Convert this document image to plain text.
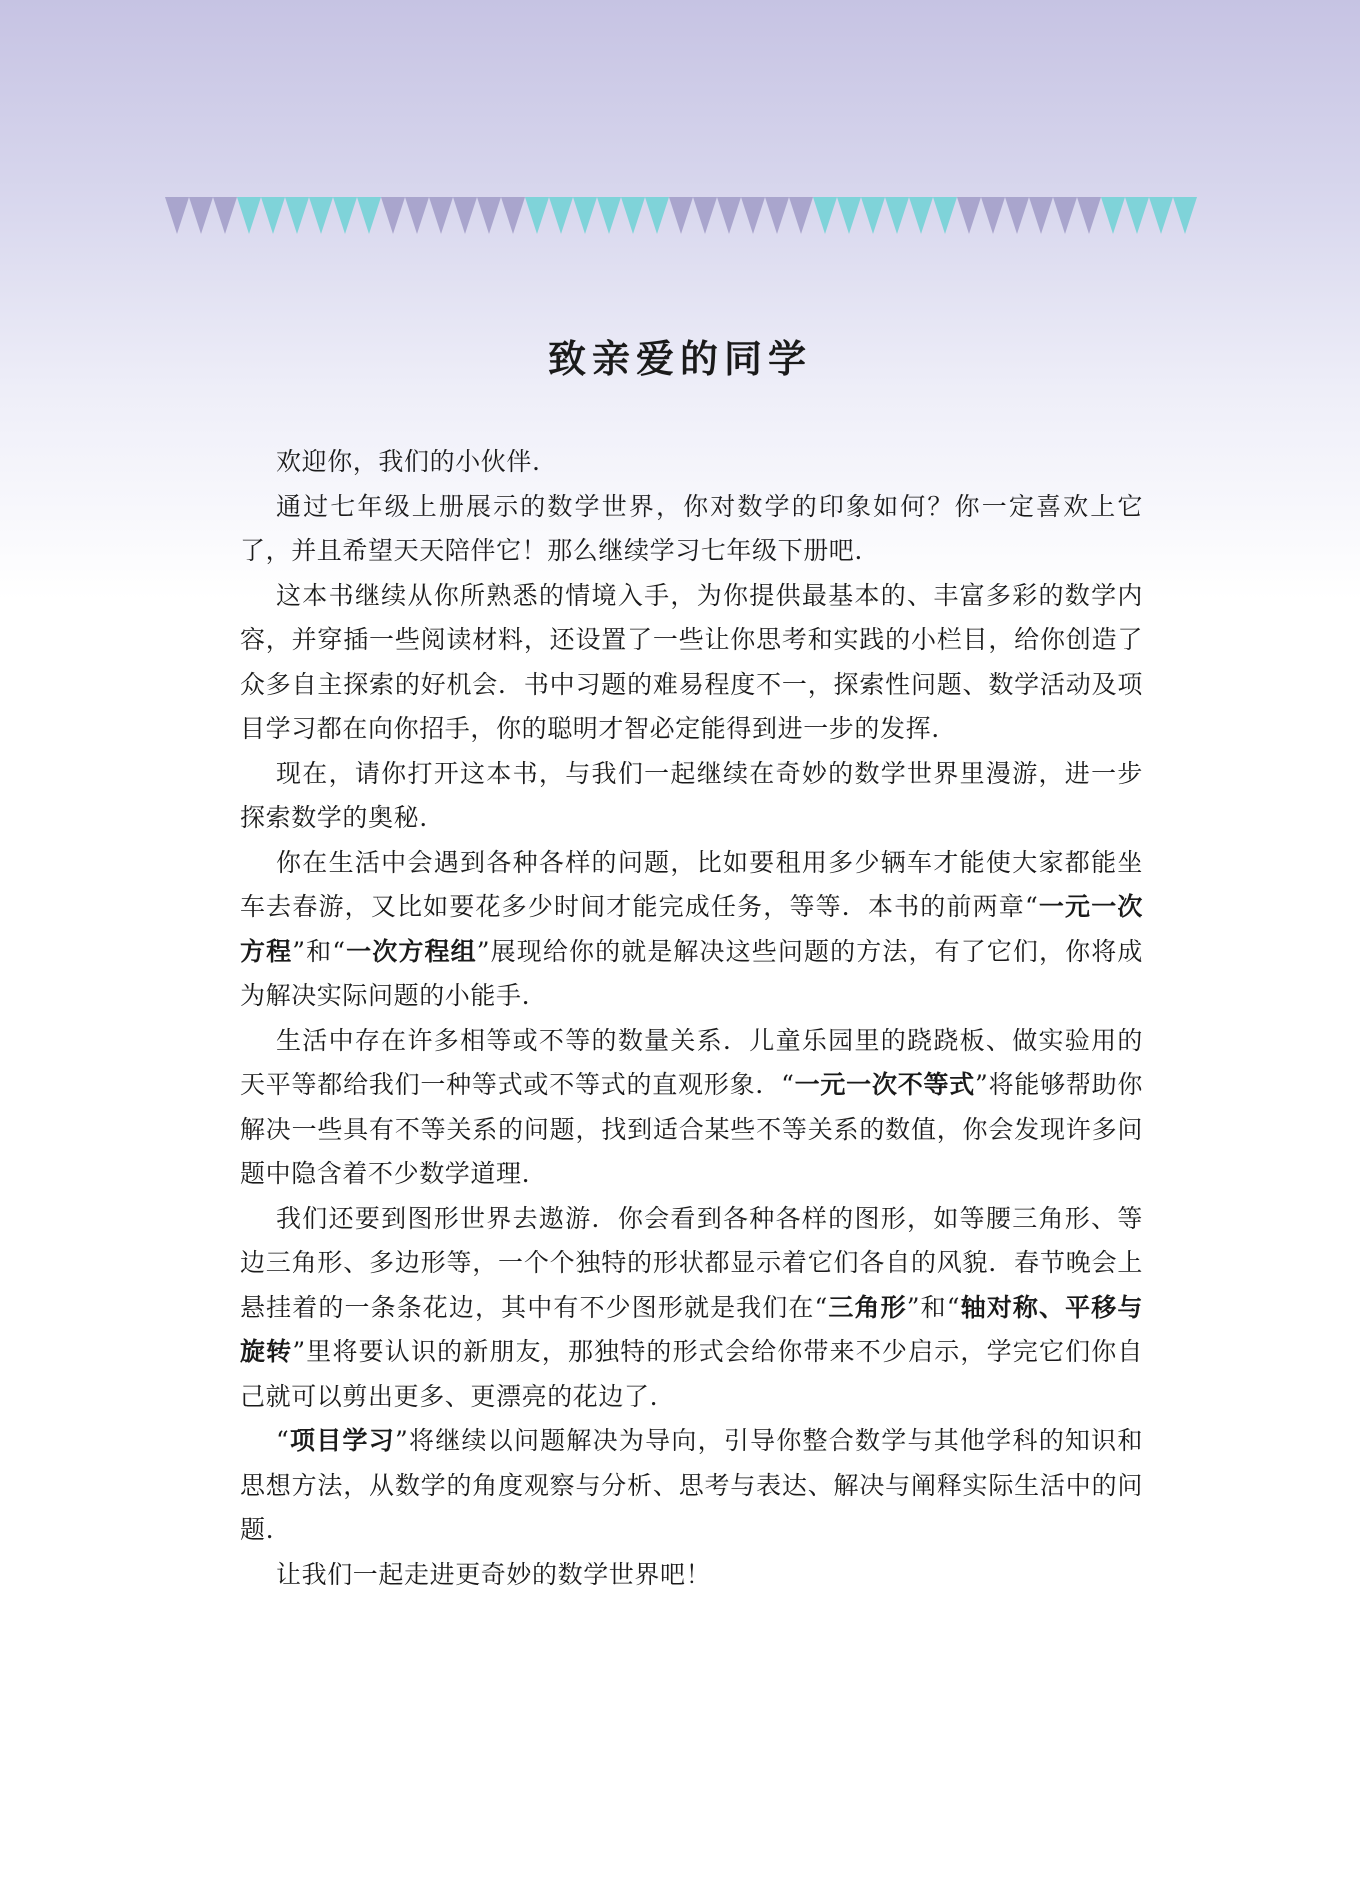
致亲爱的同学

欢迎你，我们的小伙伴.

通过七年级上册展示的数学世界，你对数学的印象如何？你一定喜欢上它了，并且希望天天陪伴它！那么继续学习七年级下册吧.

这本书继续从你所熟悉的情境入手，为你提供最基本的、丰富多彩的数学内容，并穿插一些阅读材料，还设置了一些让你思考和实践的小栏目，给你创造了众多自主探索的好机会．书中习题的难易程度不一，探索性问题、数学活动及项目学习都在向你招手，你的聪明才智必定能得到进一步的发挥.

现在，请你打开这本书，与我们一起继续在奇妙的数学世界里漫游，进一步探索数学的奥秘.

你在生活中会遇到各种各样的问题，比如要租用多少辆车才能使大家都能坐车去春游，又比如要花多少时间才能完成任务，等等．本书的前两章“一元一次方程”和“一次方程组”展现给你的就是解决这些问题的方法，有了它们，你将成为解决实际问题的小能手.

生活中存在许多相等或不等的数量关系．儿童乐园里的跷跷板、做实验用的天平等都给我们一种等式或不等式的直观形象．“一元一次不等式”将能够帮助你解决一些具有不等关系的问题，找到适合某些不等关系的数值，你会发现许多问题中隐含着不少数学道理.

我们还要到图形世界去遨游．你会看到各种各样的图形，如等腰三角形、等边三角形、多边形等，一个个独特的形状都显示着它们各自的风貌．春节晚会上悬挂着的一条条花边，其中有不少图形就是我们在“三角形”和“轴对称、平移与旋转”里将要认识的新朋友，那独特的形式会给你带来不少启示，学完它们你自己就可以剪出更多、更漂亮的花边了.

“项目学习”将继续以问题解决为导向，引导你整合数学与其他学科的知识和思想方法，从数学的角度观察与分析、思考与表达、解决与阐释实际生活中的问题.

让我们一起走进更奇妙的数学世界吧！
